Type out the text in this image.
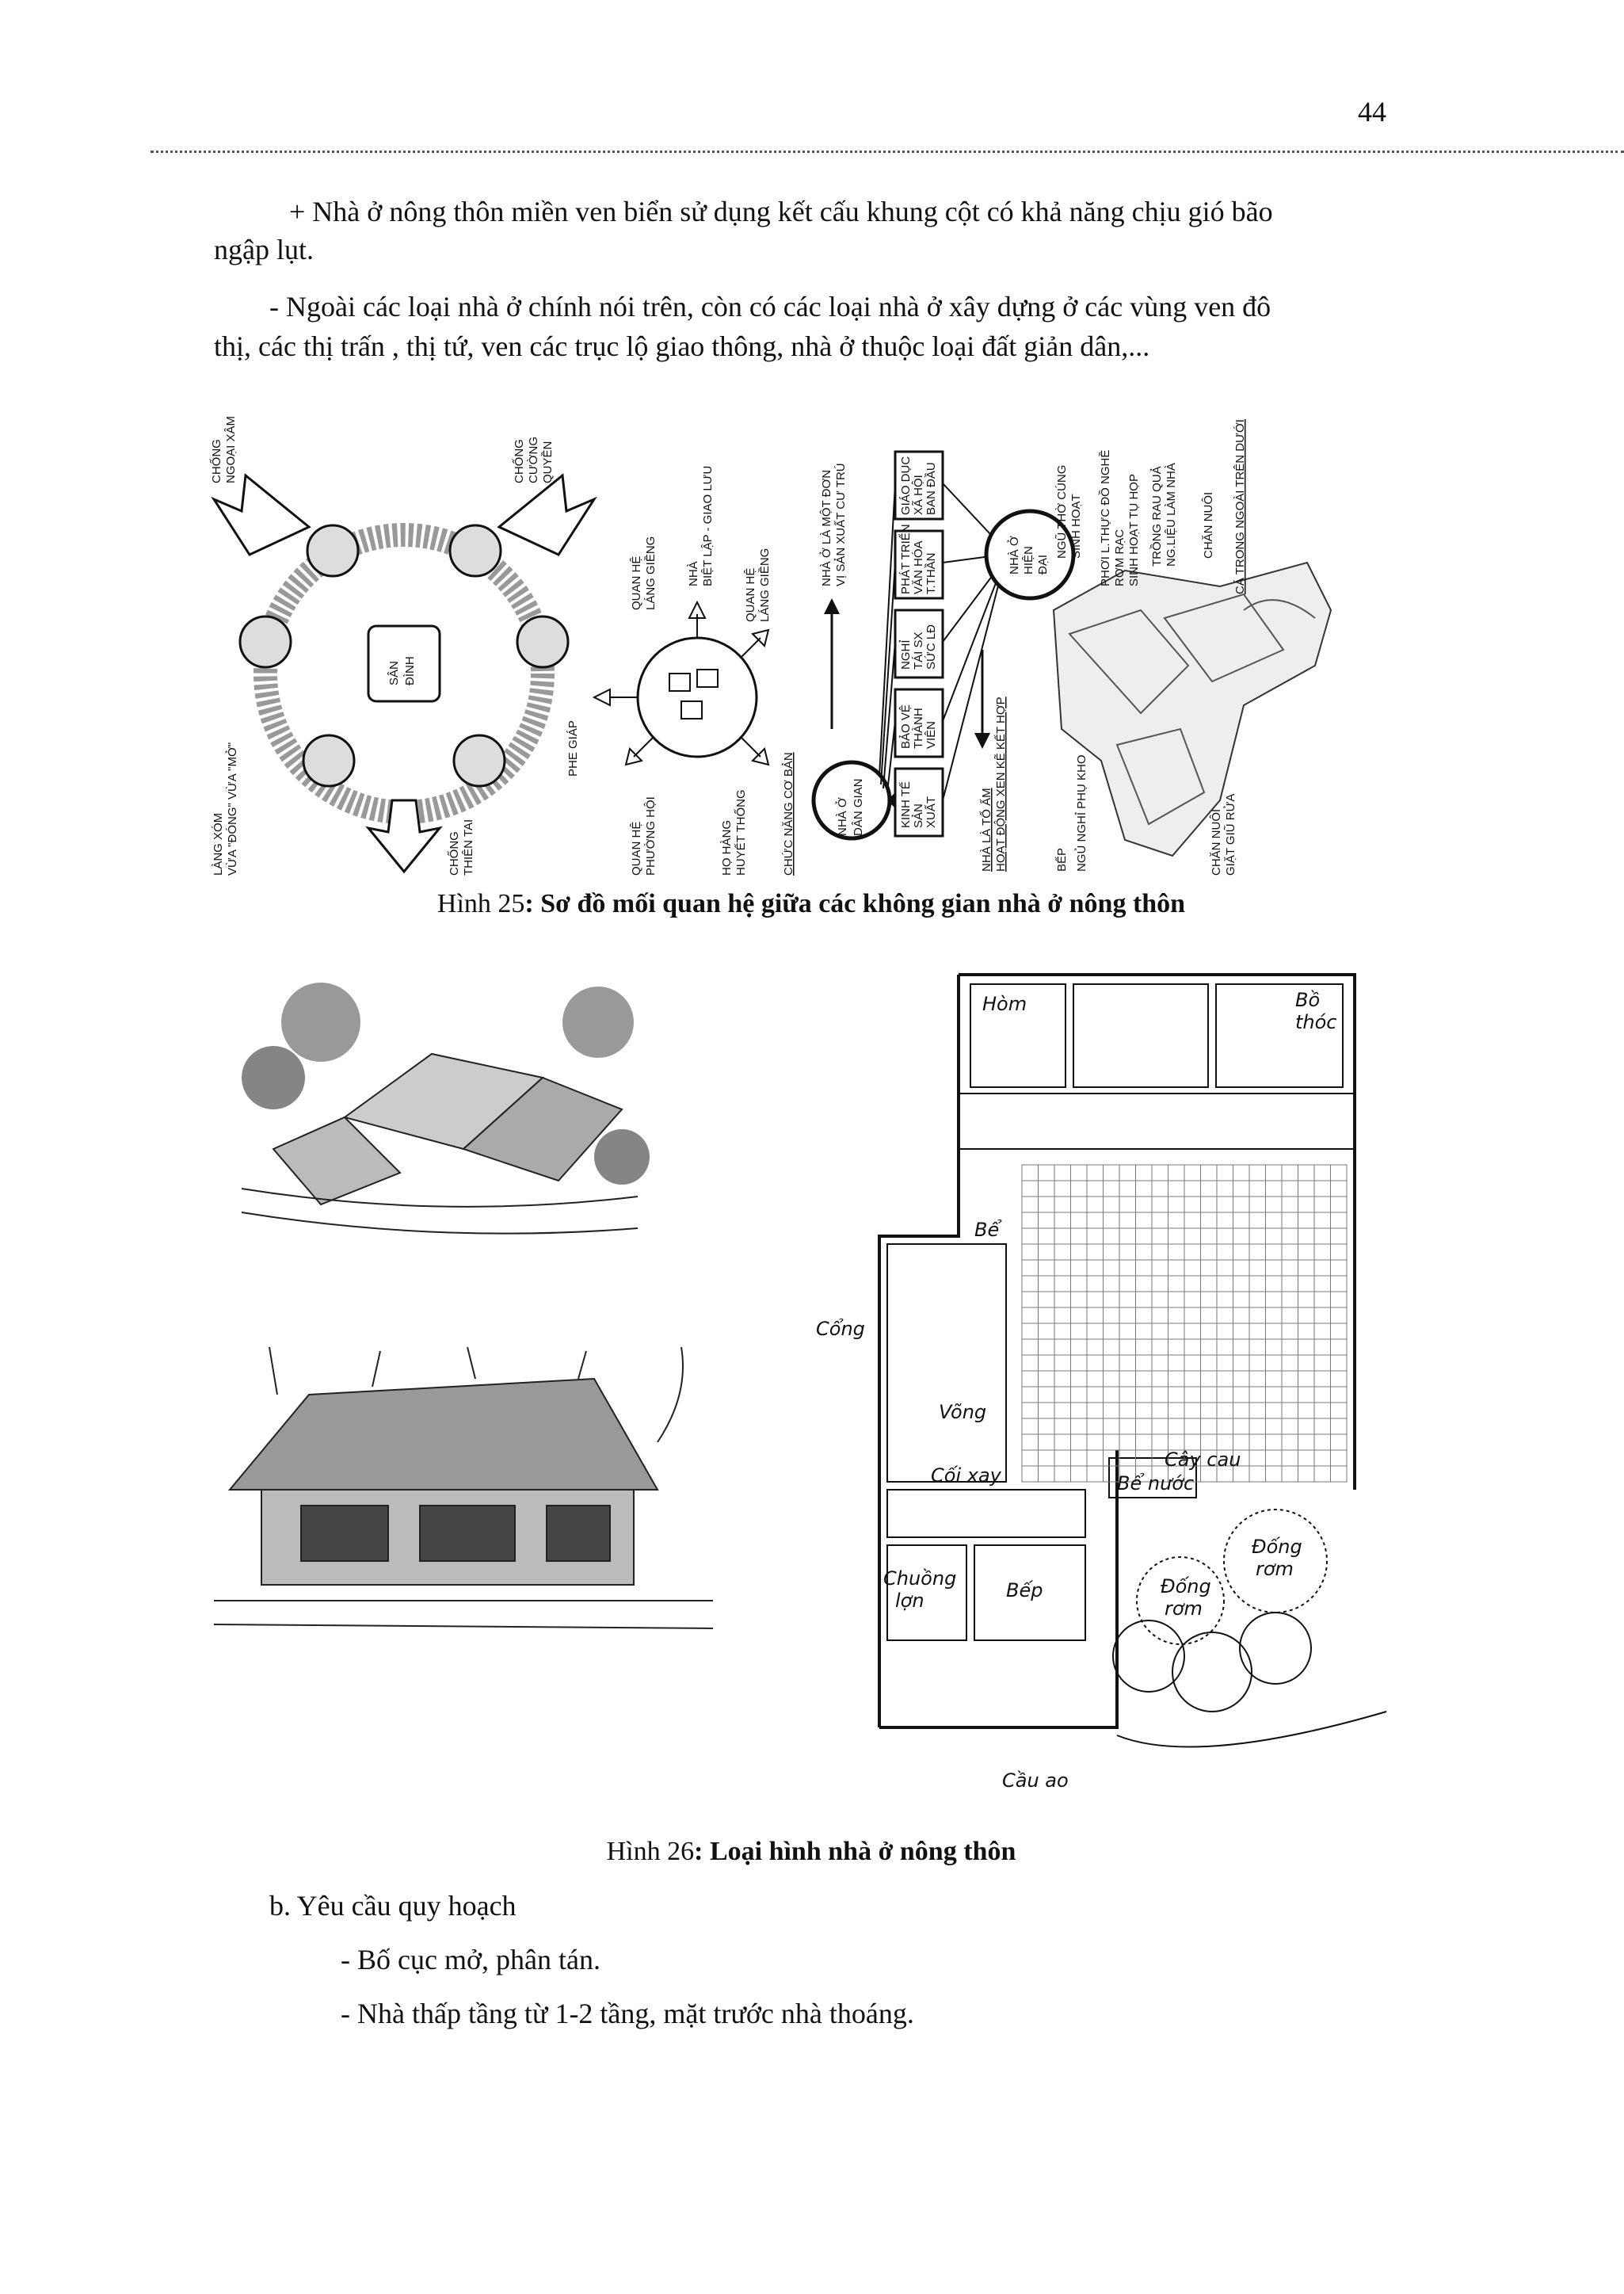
44
+ Nhà ở nông thôn miền ven biển sử dụng kết cấu khung cột có khả năng chịu gió bão
ngập lụt.
- Ngoài các loại nhà ở chính nói trên, còn có các loại nhà ở xây dựng ở các vùng ven đô
thị, các thị trấn , thị tứ, ven các trục lộ giao thông, nhà ở thuộc loại đất giản dân,...
CHỐNG NGOẠI XÂM	CHỐNG CƯỜNG QUYỀN
SÂN ĐÌNH
LÀNG XÓM VỪA "ĐÓNG" VỪA "MỞ"	CHỐNG THIÊN TAI
PHE GIÁP
QUAN HỆ LÁNG GIỀNG NHÀ BIỆT LẬP - GIAO LƯU
QUAN HỆ LÁNG GIỀNG
QUAN HỆ PHƯỜNG HỘI	HỌ HÀNG HUYẾT THỐNG	CHỨC NĂNG CƠ BẢN	NHÀ Ở DÂN GIAN
NHÀ Ở LÀ MỘT ĐƠN VỊ SẢN XUẤT CƯ TRÚ	GIÁO DỤC XÃ HỘI BAN ĐẦU
PHÁT TRIỂN VĂN HÓA T.THẦN
NGHỈ TÁI SX SỨC LĐ
BẢO VỆ THÀNH VIÊN
KINH TẾ SẢN XUẤT
NHÀ Ở HIỆN ĐẠI
NHÀ LÀ TỔ ẤM HOẠT ĐỘNG XEN KẼ KẾT HỢP
NGŨ THỜ CÚNG SINH HOẠT PHƠI L.THỰC ĐỒ NGHỀ RƠM RẠC SINH HOẠT TỤ HỌP TRỒNG RAU QUẢ NG.LIỆU LÀM NHÀ CHĂN NUÔI CÁ TRONG NGOÀI TRÊN DƯỚI
BẾP NGỦ NGHỈ PHỤ KHO	CHĂN NUÔI GIẶT GIŨ RỬA
Hình 25: Sơ đồ mối quan hệ giữa các không gian nhà ở nông thôn
Hòm	Bồ
thóc
Bể
Cổng
Võng
Cối xay	Bể nước
Cây cau
Đống
rơm
Đống
rơm
Chuồng
lợn	Bếp
Cầu ao
Hình 26: Loại hình nhà ở nông thôn
b. Yêu cầu quy hoạch
- Bố cục mở, phân tán.
- Nhà thấp tầng từ 1-2 tầng, mặt trước nhà thoáng.
